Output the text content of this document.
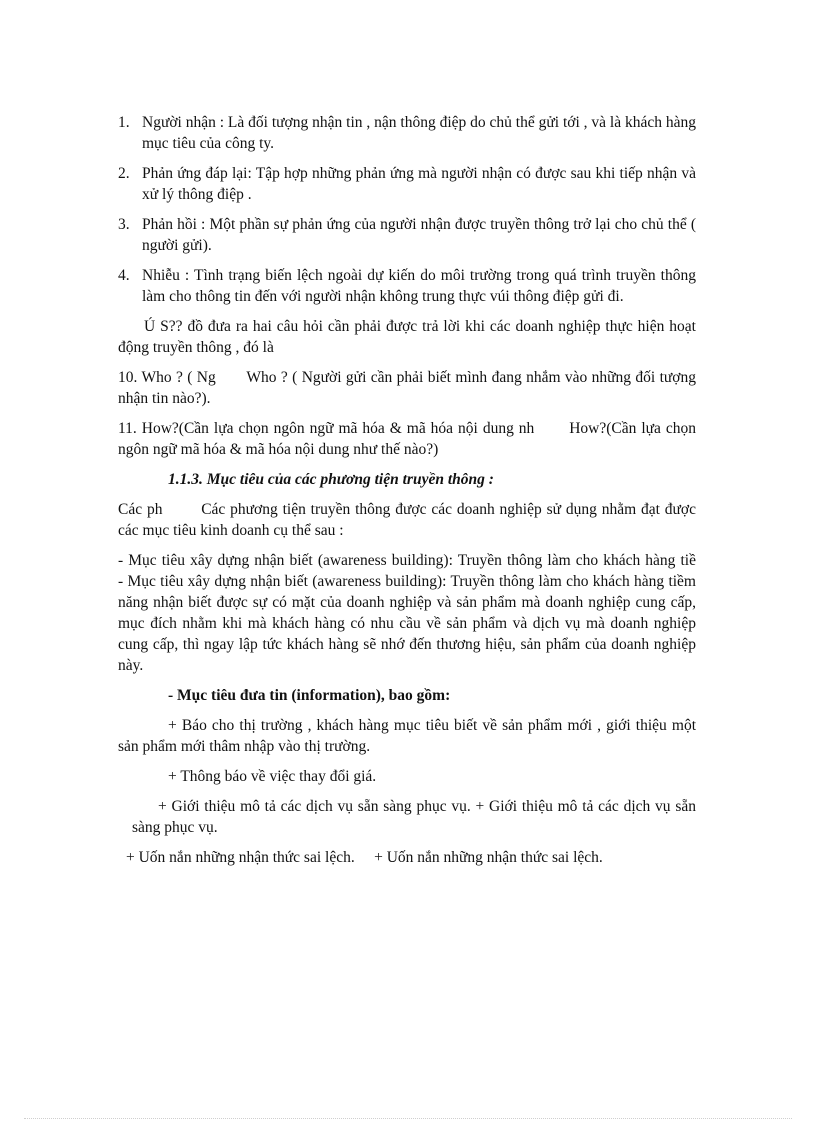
1. Người nhận : Là đối tượng nhận tin , nận thông điệp do chủ thể gửi tới , và là khách hàng mục tiêu của công ty.
2. Phản ứng đáp lại: Tập hợp những phản ứng mà người nhận có được sau khi tiếp nhận và xử lý thông điệp .
3. Phản hồi : Một phần sự phản ứng của người nhận được truyền thông trở lại cho chủ thể ( người gửi).
4. Nhiễu : Tình trạng biến lệch ngoài dự kiến do môi trường trong quá trình truyền thông làm cho thông tin đến với người nhận không trung thực vúi thông điệp gửi đi.

Ú S?? đồ đưa ra hai câu hỏi cần phải được trả lời khi các doanh nghiệp thực hiện hoạt động truyền thông , đó là

10. Who ? ( Ng Who ? ( Người gửi cần phải biết mình đang nhắm vào những đối tượng nhận tin nào?).
11. How?(Cần lựa chọn ngôn ngữ mã hóa & mã hóa nội dung nh How?(Cần lựa chọn ngôn ngữ mã hóa & mã hóa nội dung như thế nào?)

1.1.3. Mục tiêu của các phương tiện truyền thông :

Các ph        Các phương tiện truyền thông được các doanh nghiệp sử dụng nhằm đạt được các mục tiêu kinh doanh cụ thể sau :

- Mục tiêu xây dựng nhận biết (awareness building): Truyền thông làm cho khách hàng tiề                - Mục tiêu xây dựng nhận biết (awareness building): Truyền thông làm cho khách hàng tiềm năng nhận biết được sự có mặt của doanh nghiệp và sản phẩm mà doanh nghiệp cung cấp, mục đích nhằm khi mà khách hàng có nhu cầu về sản phẩm và dịch vụ mà doanh nghiệp cung cấp, thì ngay lập tức khách hàng sẽ nhớ đến thương hiệu, sản phẩm của doanh nghiệp này.

- Mục tiêu đưa tin (information), bao gồm:

+ Báo cho thị trường , khách hàng mục tiêu biết về sản phẩm mới , giới thiệu một sản phẩm mới thâm nhập vào thị trường.

+ Thông báo về việc thay đổi giá.

+ Giới thiệu mô tả các dịch vụ sẵn sàng phục vụ. + Giới thiệu mô tả các dịch vụ sẵn sàng phục vụ.

+ Uốn nắn những nhận thức sai lệch.     + Uốn nắn những nhận thức sai lệch.
